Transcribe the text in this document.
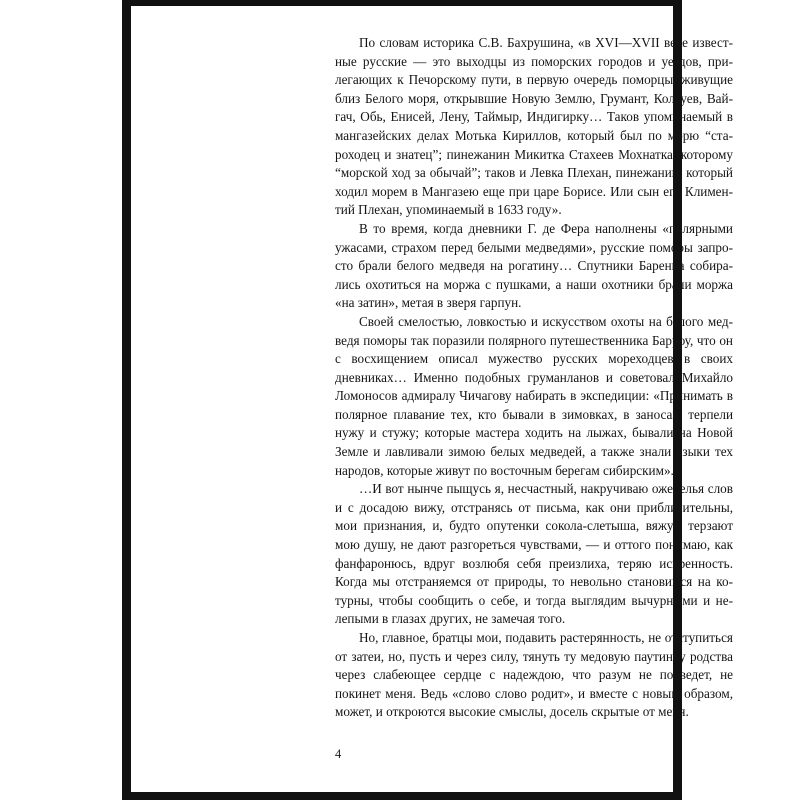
По словам историка С.В. Бахрушина, «в XVI—XVII веке известные русские — это выходцы из поморских городов и уездов, прилегающих к Печорскому пути, в первую очередь поморцы, живущие близ Белого моря, открывшие Новую Землю, Грумант, Колгуев, Вайгач, Обь, Енисей, Лену, Таймыр, Индигирку… Таков упоминаемый в мангазейских делах Мотька Кириллов, который был по морю “староходец и знатец”; пинежанин Микитка Стахеев Мохнатка, которому “морской ход за обычай”; таков и Левка Плехан, пинежанин, который ходил морем в Мангазею еще при царе Борисе. Или сын его Климентий Плехан, упоминаемый в 1633 году».

В то время, когда дневники Г. де Фера наполнены «полярными ужасами, страхом перед белыми медведями», русские поморы запросто брали белого медведя на рогатину… Спутники Баренца собирались охотиться на моржа с пушками, а наши охотники брали моржа «на затин», метая в зверя гарпун.

Своей смелостью, ловкостью и искусством охоты на белого медведя поморы так поразили полярного путешественника Барроу, что он с восхищением описал мужество русских мореходцев в своих дневниках… Именно подобных груманланов и советовал Михайло Ломоносов адмиралу Чичагову набирать в экспедиции: «Принимать в полярное плавание тех, кто бывали в зимовках, в заносах, терпели нужу и стужу; которые мастера ходить на лыжах, бывали на Новой Земле и лавливали зимою белых медведей, а также знали языки тех народов, которые живут по восточным берегам сибирским».

…И вот нынче пыщусь я, несчастный, накручиваю ожерелья слов и с досадою вижу, отстранясь от письма, как они приблизительны, мои признания, и, будто опутенки сокола-слетыша, вяжут, терзают мою душу, не дают разгореться чувствами, — и оттого понимаю, как фанфаронюсь, вдруг возлюбя себя преизлиха, теряю искренность. Когда мы отстраняемся от природы, то невольно становимся на котурны, чтобы сообщить о себе, и тогда выглядим вычурными и нелепыми в глазах других, не замечая того.

Но, главное, братцы мои, подавить растерянность, не отступиться от затеи, но, пусть и через силу, тянуть ту медовую паутинку родства через слабеющее сердце с надеждою, что разум не подведет, не покинет меня. Ведь «слово слово родит», и вместе с новым образом, может, и откроются высокие смыслы, досель скрытые от меня.

4
